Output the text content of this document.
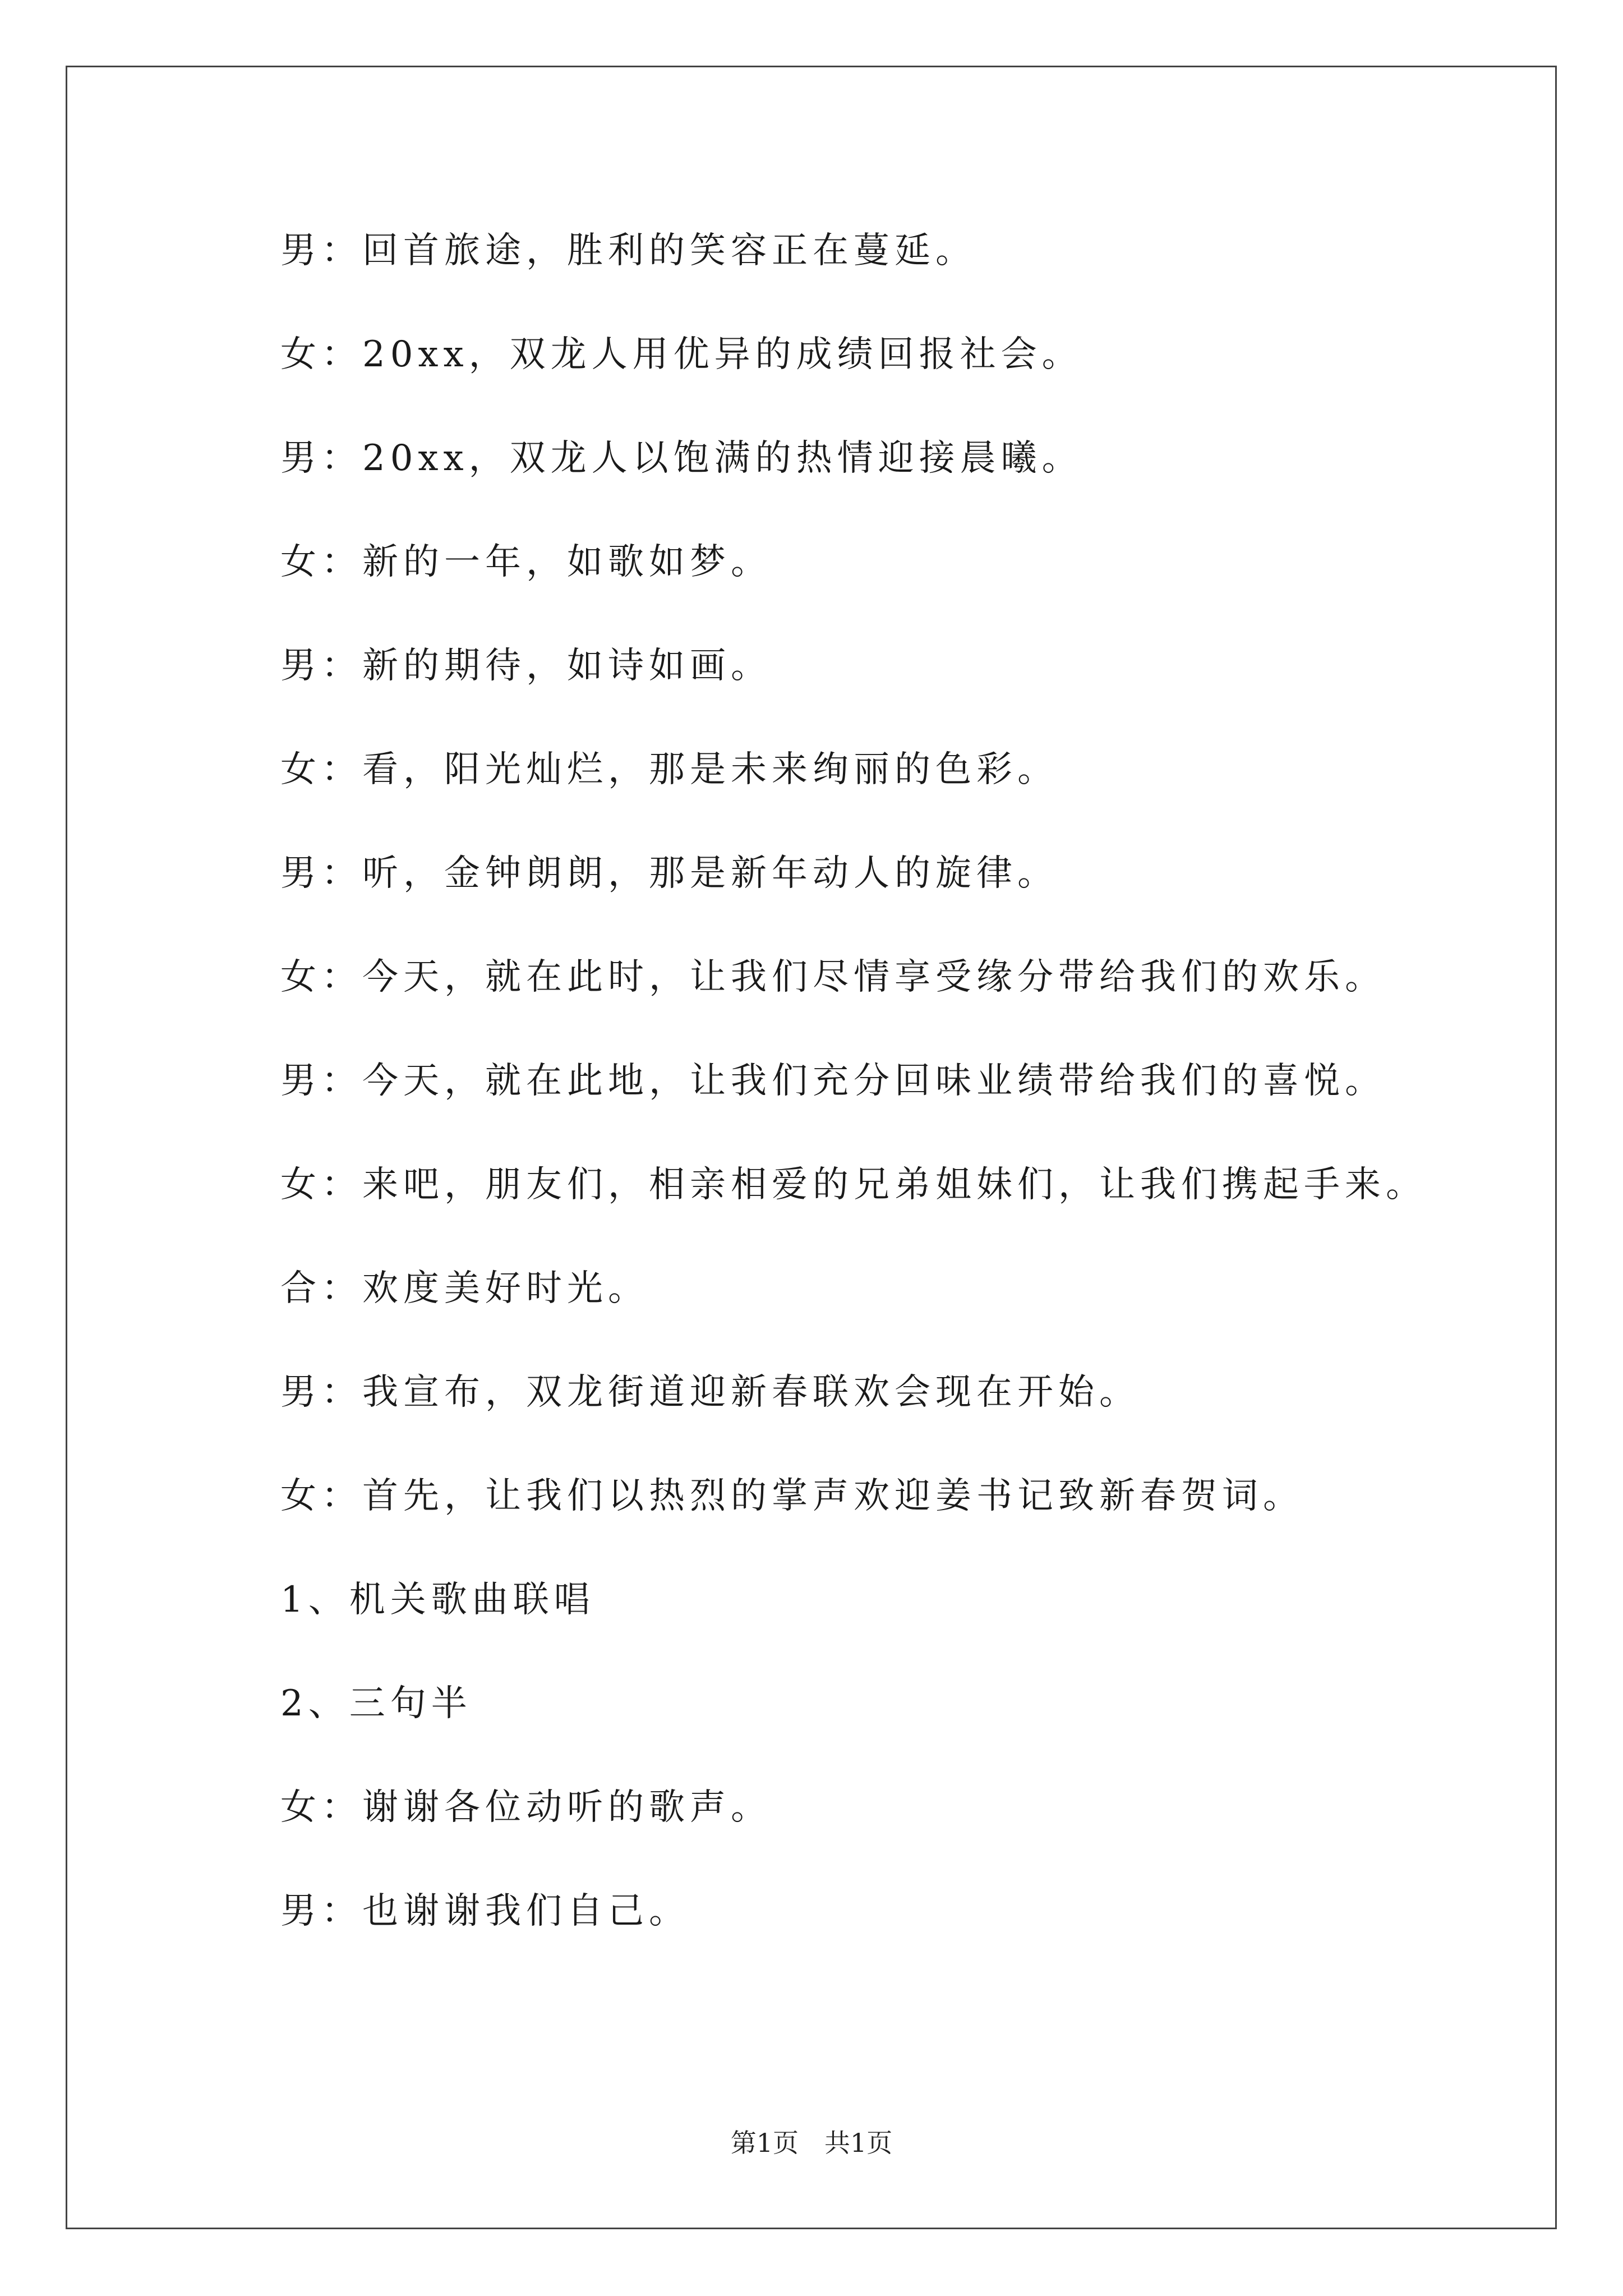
男：回首旅途，胜利的笑容正在蔓延。
女：20xx，双龙人用优异的成绩回报社会。
男：20xx，双龙人以饱满的热情迎接晨曦。
女：新的一年，如歌如梦。
男：新的期待，如诗如画。
女：看，阳光灿烂，那是未来绚丽的色彩。
男：听，金钟朗朗，那是新年动人的旋律。
女：今天，就在此时，让我们尽情享受缘分带给我们的欢乐。
男：今天，就在此地，让我们充分回味业绩带给我们的喜悦。
女：来吧，朋友们，相亲相爱的兄弟姐妹们，让我们携起手来。
合：欢度美好时光。
男：我宣布，双龙街道迎新春联欢会现在开始。
女：首先，让我们以热烈的掌声欢迎姜书记致新春贺词。
1、机关歌曲联唱
2、三句半
女：谢谢各位动听的歌声。
男：也谢谢我们自己。
第1页 共1页
